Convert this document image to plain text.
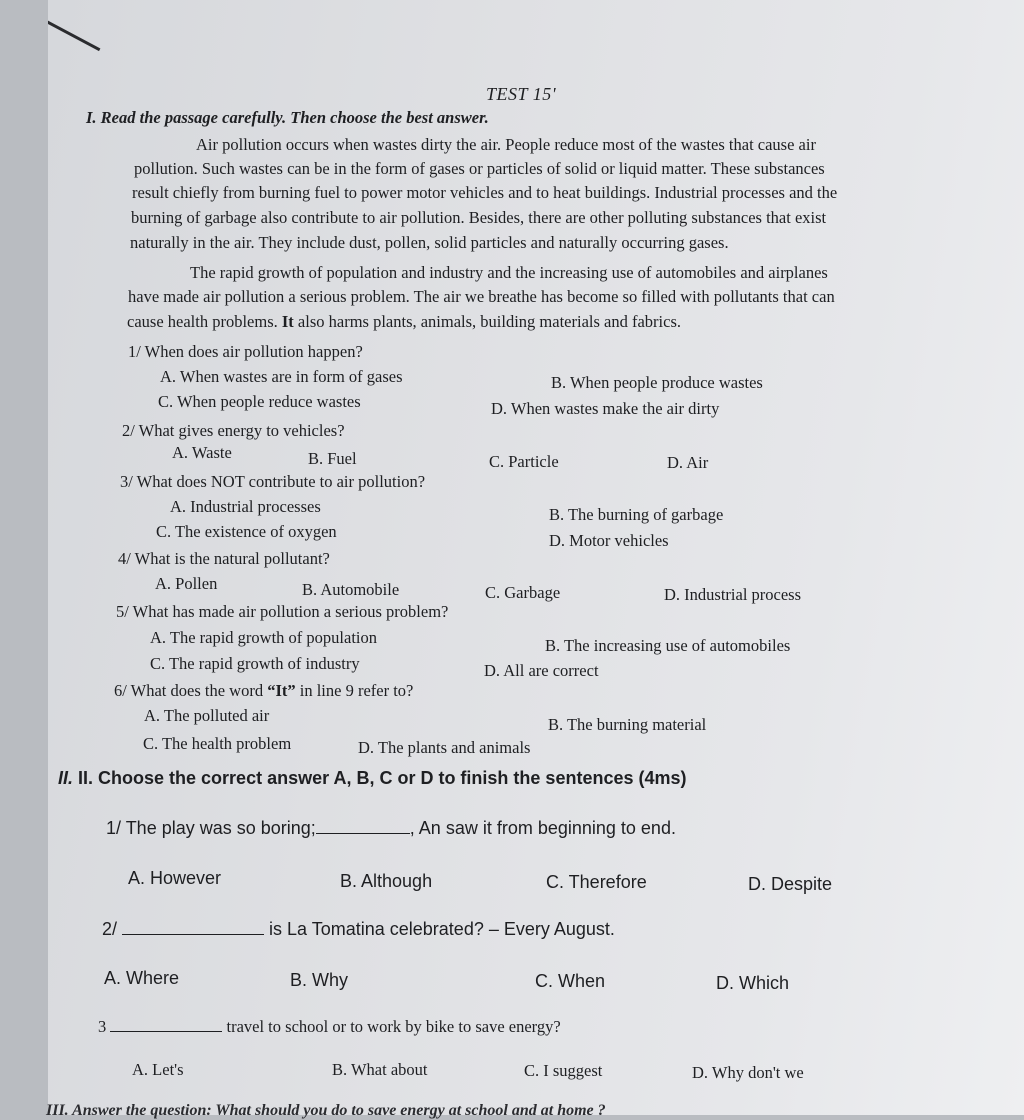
TEST 15'
I. Read the passage carefully. Then choose the best answer.
Air pollution occurs when wastes dirty the air. People reduce most of the wastes that cause air
pollution. Such wastes can be in the form of gases or particles of solid or liquid matter. These substances
result chiefly from burning fuel to power motor vehicles and to heat buildings. Industrial processes and the
burning of garbage also contribute to air pollution. Besides, there are other polluting substances that exist
naturally in the air. They include dust, pollen, solid particles and naturally occurring gases.
The rapid growth of population and industry and the increasing use of automobiles and airplanes
have made air pollution a serious problem. The air we breathe has become so filled with pollutants that can
cause health problems. It also harms plants, animals, building materials and fabrics.
1/ When does air pollution happen?
A. When wastes are in form of gases	B. When people produce wastes
C. When people reduce wastes	D. When wastes make the air dirty
2/ What gives energy to vehicles?
A. Waste	B. Fuel	C. Particle	D. Air
3/ What does NOT contribute to air pollution?
A. Industrial processes	B. The burning of garbage
C. The existence of oxygen	D. Motor vehicles
4/ What is the natural pollutant?
A. Pollen	B. Automobile	C. Garbage	D. Industrial process
5/ What has made air pollution a serious problem?
A. The rapid growth of population	B. The increasing use of automobiles
C. The rapid growth of industry	D. All are correct
6/ What does the word “It” in line 9 refer to?
A. The polluted air	B. The burning material
C. The health problem	D. The plants and animals
II. II. Choose the correct answer A, B, C or D to finish the sentences (4ms)
1/ The play was so boring;	, An saw it from beginning to end.
A. However	B. Although	C. Therefore	D. Despite
2/	is La Tomatina celebrated? – Every August.
A. Where	B. Why	C. When	D. Which
3	travel to school or to work by bike to save energy?
A. Let's	B. What about	C. I suggest	D. Why don't we
III. Answer the question: What should you do to save energy at school and at home ?
